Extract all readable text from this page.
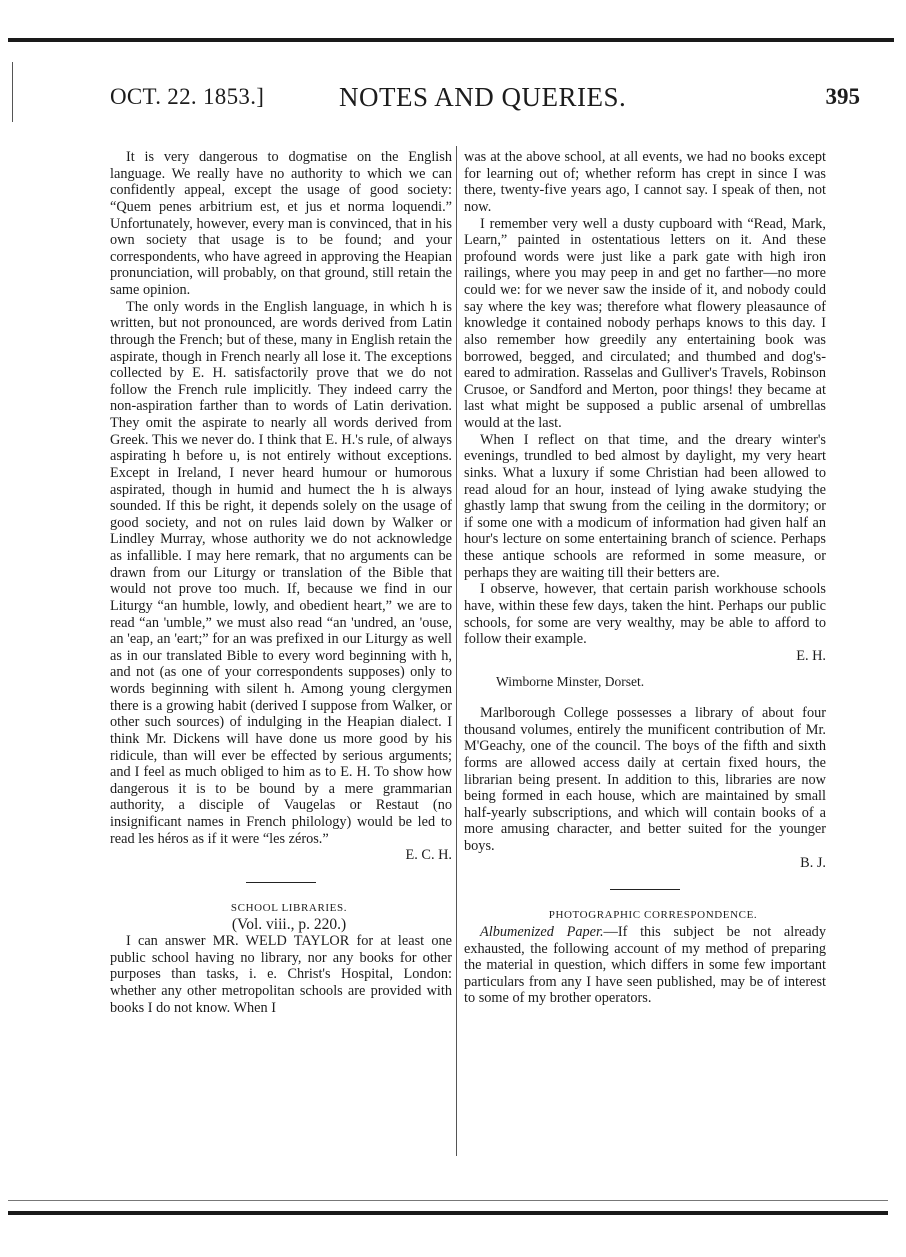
OCT. 22. 1853.]	NOTES AND QUERIES.	395

It is very dangerous to dogmatise on the English language. We really have no authority to which we can confidently appeal, except the usage of good society: “Quem penes arbitrium est, et jus et norma loquendi.” Unfortunately, however, every man is convinced, that in his own society that usage is to be found; and your correspondents, who have agreed in approving the Heapian pronunciation, will probably, on that ground, still retain the same opinion.

The only words in the English language, in which h is written, but not pronounced, are words derived from Latin through the French; but of these, many in English retain the aspirate, though in French nearly all lose it. The exceptions collected by E. H. satisfactorily prove that we do not follow the French rule implicitly. They indeed carry the non-aspiration farther than to words of Latin derivation. They omit the aspirate to nearly all words derived from Greek. This we never do. I think that E. H.'s rule, of always aspirating h before u, is not entirely without exceptions. Except in Ireland, I never heard humour or humorous aspirated, though in humid and humect the h is always sounded. If this be right, it depends solely on the usage of good society, and not on rules laid down by Walker or Lindley Murray, whose authority we do not acknowledge as infallible. I may here remark, that no arguments can be drawn from our Liturgy or translation of the Bible that would not prove too much. If, because we find in our Liturgy “an humble, lowly, and obedient heart,” we are to read “an 'umble,” we must also read “an 'undred, an 'ouse, an 'eap, an 'eart;” for an was prefixed in our Liturgy as well as in our translated Bible to every word beginning with h, and not (as one of your correspondents supposes) only to words beginning with silent h. Among young clergymen there is a growing habit (derived I suppose from Walker, or other such sources) of indulging in the Heapian dialect. I think Mr. Dickens will have done us more good by his ridicule, than will ever be effected by serious arguments; and I feel as much obliged to him as to E. H. To show how dangerous it is to be bound by a mere grammarian authority, a disciple of Vaugelas or Restaut (no insignificant names in French philology) would be led to read les héros as if it were “les zéros.”

E. C. H.

SCHOOL LIBRARIES.

(Vol. viii., p. 220.)

I can answer MR. WELD TAYLOR for at least one public school having no library, nor any books for other purposes than tasks, i. e. Christ's Hospital, London: whether any other metropolitan schools are provided with books I do not know. When I

was at the above school, at all events, we had no books except for learning out of; whether reform has crept in since I was there, twenty-five years ago, I cannot say. I speak of then, not now.

I remember very well a dusty cupboard with “Read, Mark, Learn,” painted in ostentatious letters on it. And these profound words were just like a park gate with high iron railings, where you may peep in and get no farther—no more could we: for we never saw the inside of it, and nobody could say where the key was; therefore what flowery pleasaunce of knowledge it contained nobody perhaps knows to this day. I also remember how greedily any entertaining book was borrowed, begged, and circulated; and thumbed and dog's-eared to admiration. Rasselas and Gulliver's Travels, Robinson Crusoe, or Sandford and Merton, poor things! they became at last what might be supposed a public arsenal of umbrellas would at the last.

When I reflect on that time, and the dreary winter's evenings, trundled to bed almost by daylight, my very heart sinks. What a luxury if some Christian had been allowed to read aloud for an hour, instead of lying awake studying the ghastly lamp that swung from the ceiling in the dormitory; or if some one with a modicum of information had given half an hour's lecture on some entertaining branch of science. Perhaps these antique schools are reformed in some measure, or perhaps they are waiting till their betters are.

I observe, however, that certain parish workhouse schools have, within these few days, taken the hint. Perhaps our public schools, for some are very wealthy, may be able to afford to follow their example.

E. H.

Wimborne Minster, Dorset.

Marlborough College possesses a library of about four thousand volumes, entirely the munificent contribution of Mr. M'Geachy, one of the council. The boys of the fifth and sixth forms are allowed access daily at certain fixed hours, the librarian being present. In addition to this, libraries are now being formed in each house, which are maintained by small half-yearly subscriptions, and which will contain books of a more amusing character, and better suited for the younger boys.

B. J.

PHOTOGRAPHIC CORRESPONDENCE.

Albumenized Paper.—If this subject be not already exhausted, the following account of my method of preparing the material in question, which differs in some few important particulars from any I have seen published, may be of interest to some of my brother operators.
